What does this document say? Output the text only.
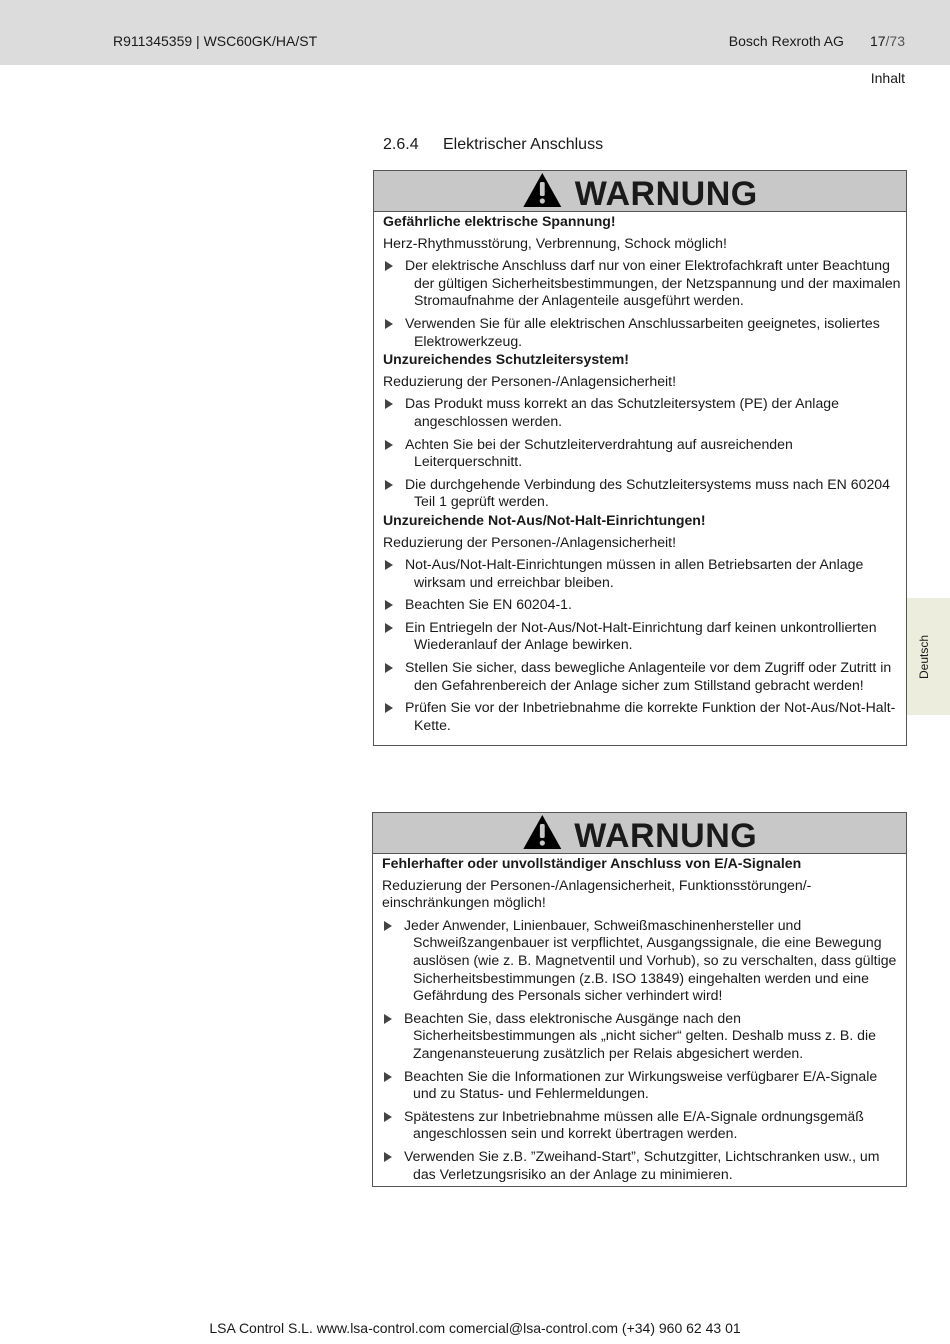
R911345359 | WSC60GK/HA/ST	Bosch Rexroth AG 17/73
Inhalt
2.6.4 Elektrischer Anschluss
Deutsch
WARNUNG
Gefährliche elektrische Spannung!
Herz-Rhythmusstörung, Verbrennung, Schock möglich!
Der elektrische Anschluss darf nur von einer Elektrofachkraft unter Beachtung der gültigen Sicherheitsbestimmungen, der Netzspannung und der maximalen Stromaufnahme der Anlagenteile ausgeführt werden.
Verwenden Sie für alle elektrischen Anschlussarbeiten geeignetes, isoliertes Elektrowerkzeug.
Unzureichendes Schutzleitersystem!
Reduzierung der Personen-/Anlagensicherheit!
Das Produkt muss korrekt an das Schutzleitersystem (PE) der Anlage angeschlossen werden.
Achten Sie bei der Schutzleiterverdrahtung auf ausreichenden Leiterquerschnitt.
Die durchgehende Verbindung des Schutzleitersystems muss nach EN 60204 Teil 1 geprüft werden.
Unzureichende Not-Aus/Not-Halt-Einrichtungen!
Reduzierung der Personen-/Anlagensicherheit!
Not-Aus/Not-Halt-Einrichtungen müssen in allen Betriebsarten der Anlage wirksam und erreichbar bleiben.
Beachten Sie EN 60204-1.
Ein Entriegeln der Not-Aus/Not-Halt-Einrichtung darf keinen unkontrollierten Wiederanlauf der Anlage bewirken.
Stellen Sie sicher, dass bewegliche Anlagenteile vor dem Zugriff oder Zutritt in den Gefahrenbereich der Anlage sicher zum Stillstand gebracht werden!
Prüfen Sie vor der Inbetriebnahme die korrekte Funktion der Not-Aus/Not-Halt-Kette.
WARNUNG
Fehlerhafter oder unvollständiger Anschluss von E/A-Signalen
Reduzierung der Personen-/Anlagensicherheit, Funktionsstörungen/-einschränkungen möglich!
Jeder Anwender, Linienbauer, Schweißmaschinenhersteller und Schweißzangenbauer ist verpflichtet, Ausgangssignale, die eine Bewegung auslösen (wie z. B. Magnetventil und Vorhub), so zu verschalten, dass gültige Sicherheitsbestimmungen (z.B. ISO 13849) eingehalten werden und eine Gefährdung des Personals sicher verhindert wird!
Beachten Sie, dass elektronische Ausgänge nach den Sicherheitsbestimmungen als „nicht sicher“ gelten. Deshalb muss z. B. die Zangenansteuerung zusätzlich per Relais abgesichert werden.
Beachten Sie die Informationen zur Wirkungsweise verfügbarer E/A-Signale und zu Status- und Fehlermeldungen.
Spätestens zur Inbetriebnahme müssen alle E/A-Signale ordnungsgemäß angeschlossen sein und korrekt übertragen werden.
Verwenden Sie z.B. ”Zweihand-Start”, Schutzgitter, Lichtschranken usw., um das Verletzungsrisiko an der Anlage zu minimieren.
LSA Control S.L. www.lsa-control.com comercial@lsa-control.com (+34) 960 62 43 01
